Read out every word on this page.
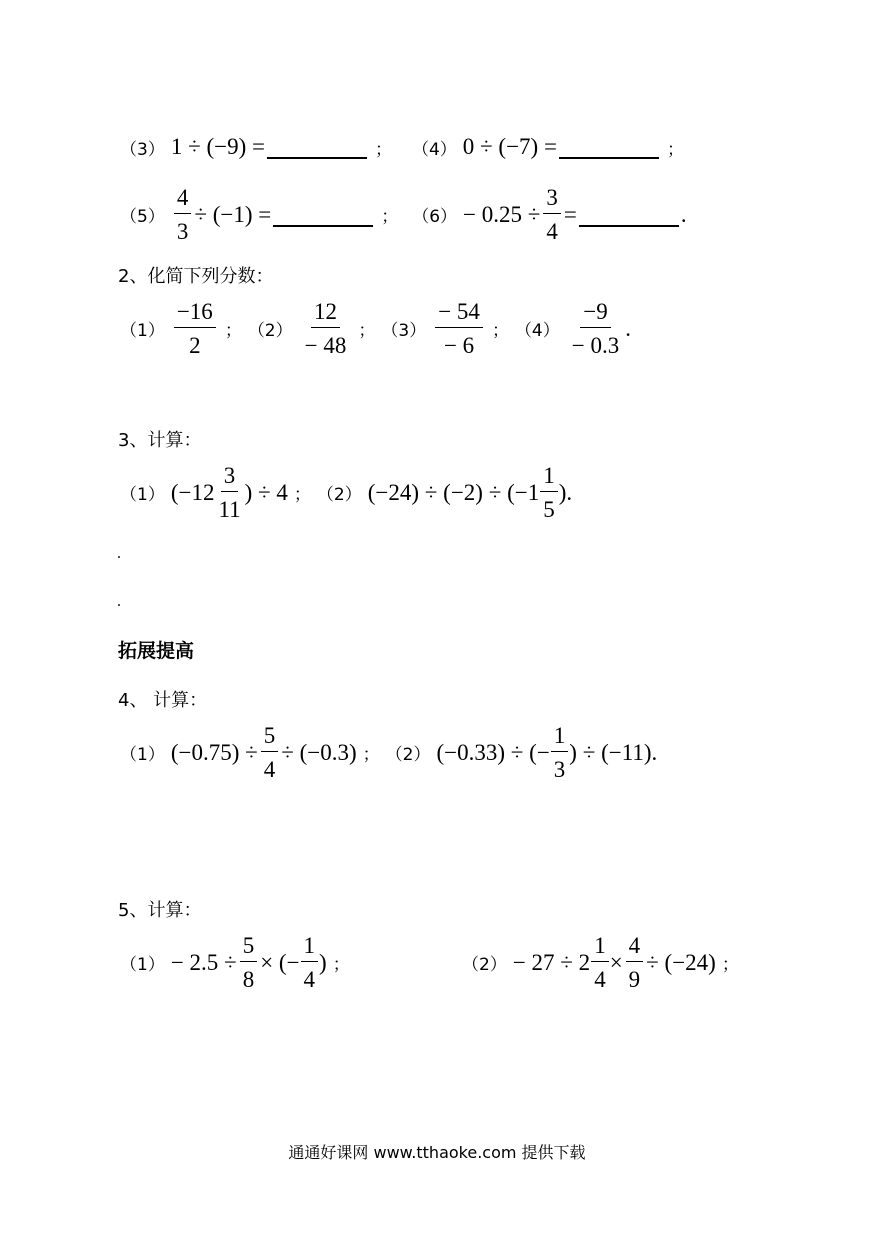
（3） 1 ÷ (−9) =	； （4） 0 ÷ (−7) =	；
$(5) \frac{4}{3} \div (-1)$ =	； $(6) - 0.25 \div \frac{3}{4}$ =	.
2、化简下列分数：
$(1) \frac{-16}{2}$ ； $(2) \frac{12}{- 48}$ ； $(3) \frac{- 54}{- 6}$ ； $(4) \frac{-9}{- 0.3}$ .
3、计算：
（1） ($-12 \frac{3}{11}$ ) ÷ 4 ； （2） $(-24) \div (-2) \div (-1 \frac{1}{5}$ ) .
拓展提高
4、 计算：
（1） $(-0.75) \div \frac{5}{4} \div (-0.3)$ ； （2） (−0.33) ÷ (− $\frac{1}{3}$ ) ÷ (−11) .
5、计算：
$(1) - 2.5 \div \frac{5}{8}$ × (− $\frac{1}{4}$ ) ；	$(2) - 27 \div 2 \frac{1}{4} \times \frac{4}{9} \div (-24)$ ；
通通好课网 www.tthaoke.com 提供下载
